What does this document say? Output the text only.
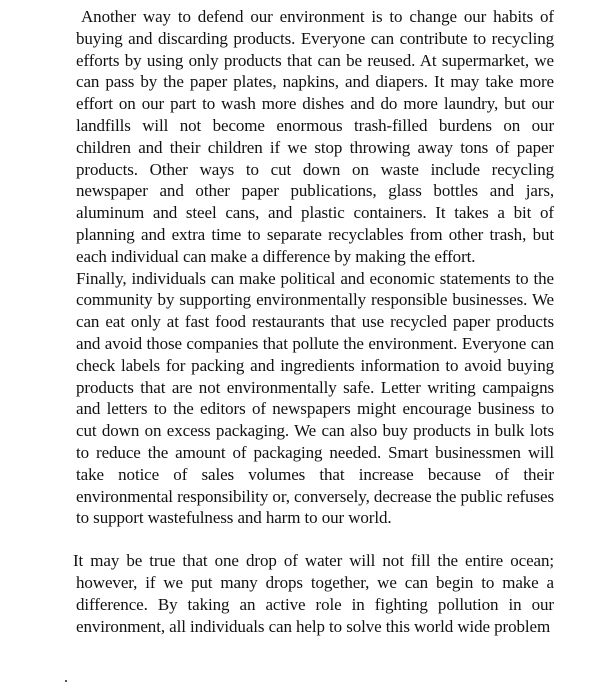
Another way to defend our environment is to change our habits of buying and discarding products. Everyone can contribute to recycling efforts by using only products that can be reused. At supermarket, we can pass by the paper plates, napkins, and diapers. It may take more effort on our part to wash more dishes and do more laundry, but our landfills will not become enormous trash-filled burdens on our children and their children if we stop throwing away tons of paper products. Other ways to cut down on waste include recycling newspaper and other paper publications, glass bottles and jars, aluminum and steel cans, and plastic containers. It takes a bit of planning and extra time to separate recyclables from other trash, but each individual can make a difference by making the effort.

Finally, individuals can make political and economic statements to the community by supporting environmentally responsible businesses. We can eat only at fast food restaurants that use recycled paper products and avoid those companies that pollute the environment. Everyone can check labels for packing and ingredients information to avoid buying products that are not environmentally safe. Letter writing campaigns and letters to the editors of newspapers might encourage business to cut down on excess packaging. We can also buy products in bulk lots to reduce the amount of packaging needed. Smart businessmen will take notice of sales volumes that increase because of their environmental responsibility or, conversely, decrease the public refuses to support wastefulness and harm to our world.

It may be true that one drop of water will not fill the entire ocean; however, if we put many drops together, we can begin to make a difference. By taking an active role in fighting pollution in our environment, all individuals can help to solve this world wide problem
